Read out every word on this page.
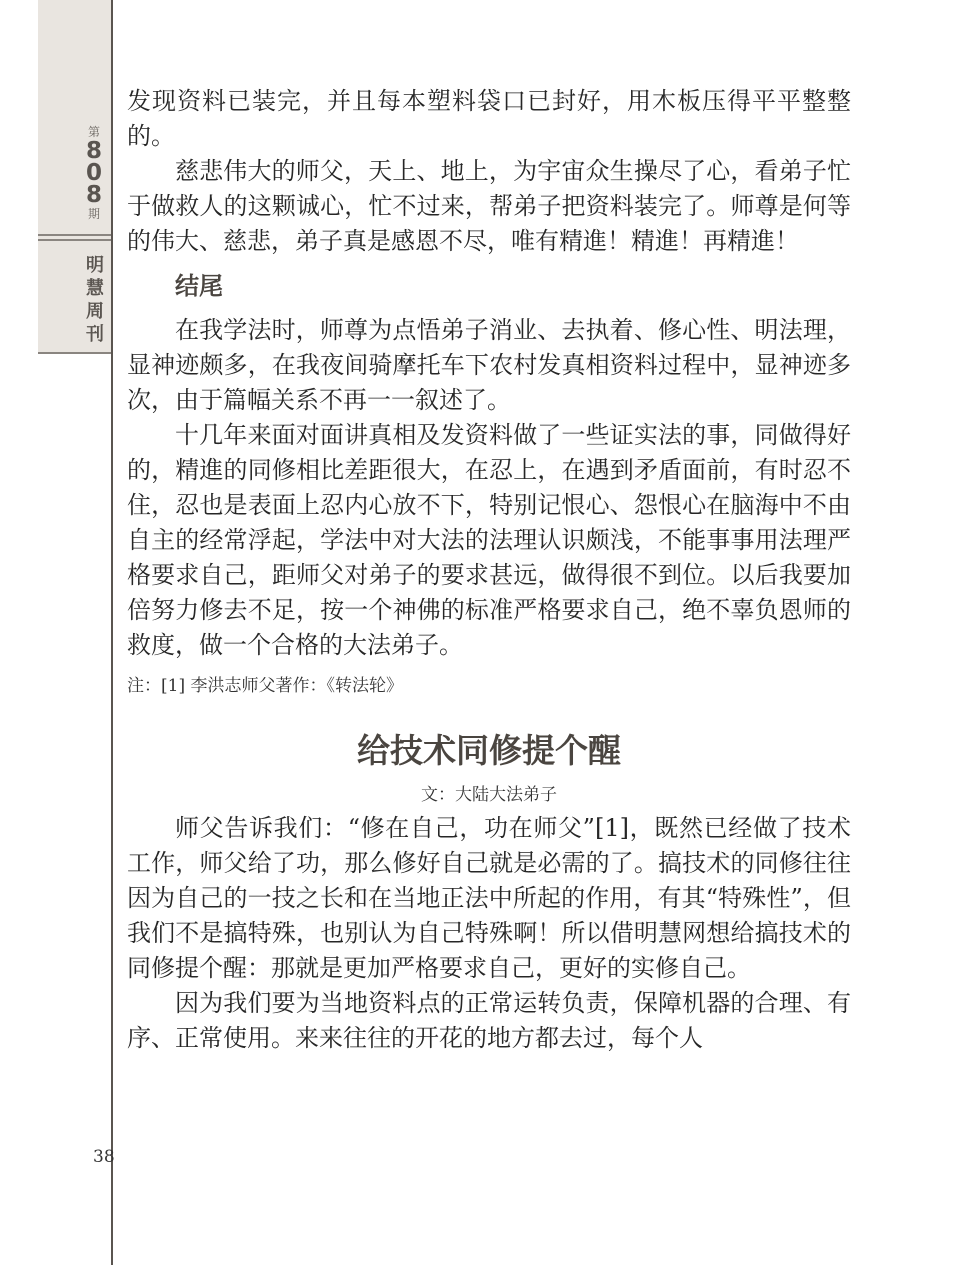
第
8
0
8
期
明
慧
周
刊
38

发现资料已装完，并且每本塑料袋口已封好，用木板压得平平整整的。

慈悲伟大的师父，天上、地上，为宇宙众生操尽了心，看弟子忙于做救人的这颗诚心，忙不过来，帮弟子把资料装完了。师尊是何等的伟大、慈悲，弟子真是感恩不尽，唯有精進！精進！再精進！

结尾

在我学法时，师尊为点悟弟子消业、去执着、修心性、明法理，显神迹颇多，在我夜间骑摩托车下农村发真相资料过程中，显神迹多次，由于篇幅关系不再一一叙述了。

十几年来面对面讲真相及发资料做了一些证实法的事，同做得好的，精進的同修相比差距很大，在忍上，在遇到矛盾面前，有时忍不住，忍也是表面上忍内心放不下，特别记恨心、怨恨心在脑海中不由自主的经常浮起，学法中对大法的法理认识颇浅，不能事事用法理严格要求自己，距师父对弟子的要求甚远，做得很不到位。以后我要加倍努力修去不足，按一个神佛的标准严格要求自己，绝不辜负恩师的救度，做一个合格的大法弟子。

注：[1] 李洪志师父著作：《转法轮》

给技术同修提个醒
文：大陆大法弟子

师父告诉我们：“修在自己，功在师父”[1]，既然已经做了技术工作，师父给了功，那么修好自己就是必需的了。搞技术的同修往往因为自己的一技之长和在当地正法中所起的作用，有其“特殊性”，但我们不是搞特殊，也别认为自己特殊啊！所以借明慧网想给搞技术的同修提个醒：那就是更加严格要求自己，更好的实修自己。

因为我们要为当地资料点的正常运转负责，保障机器的合理、有序、正常使用。来来往往的开花的地方都去过，每个人
